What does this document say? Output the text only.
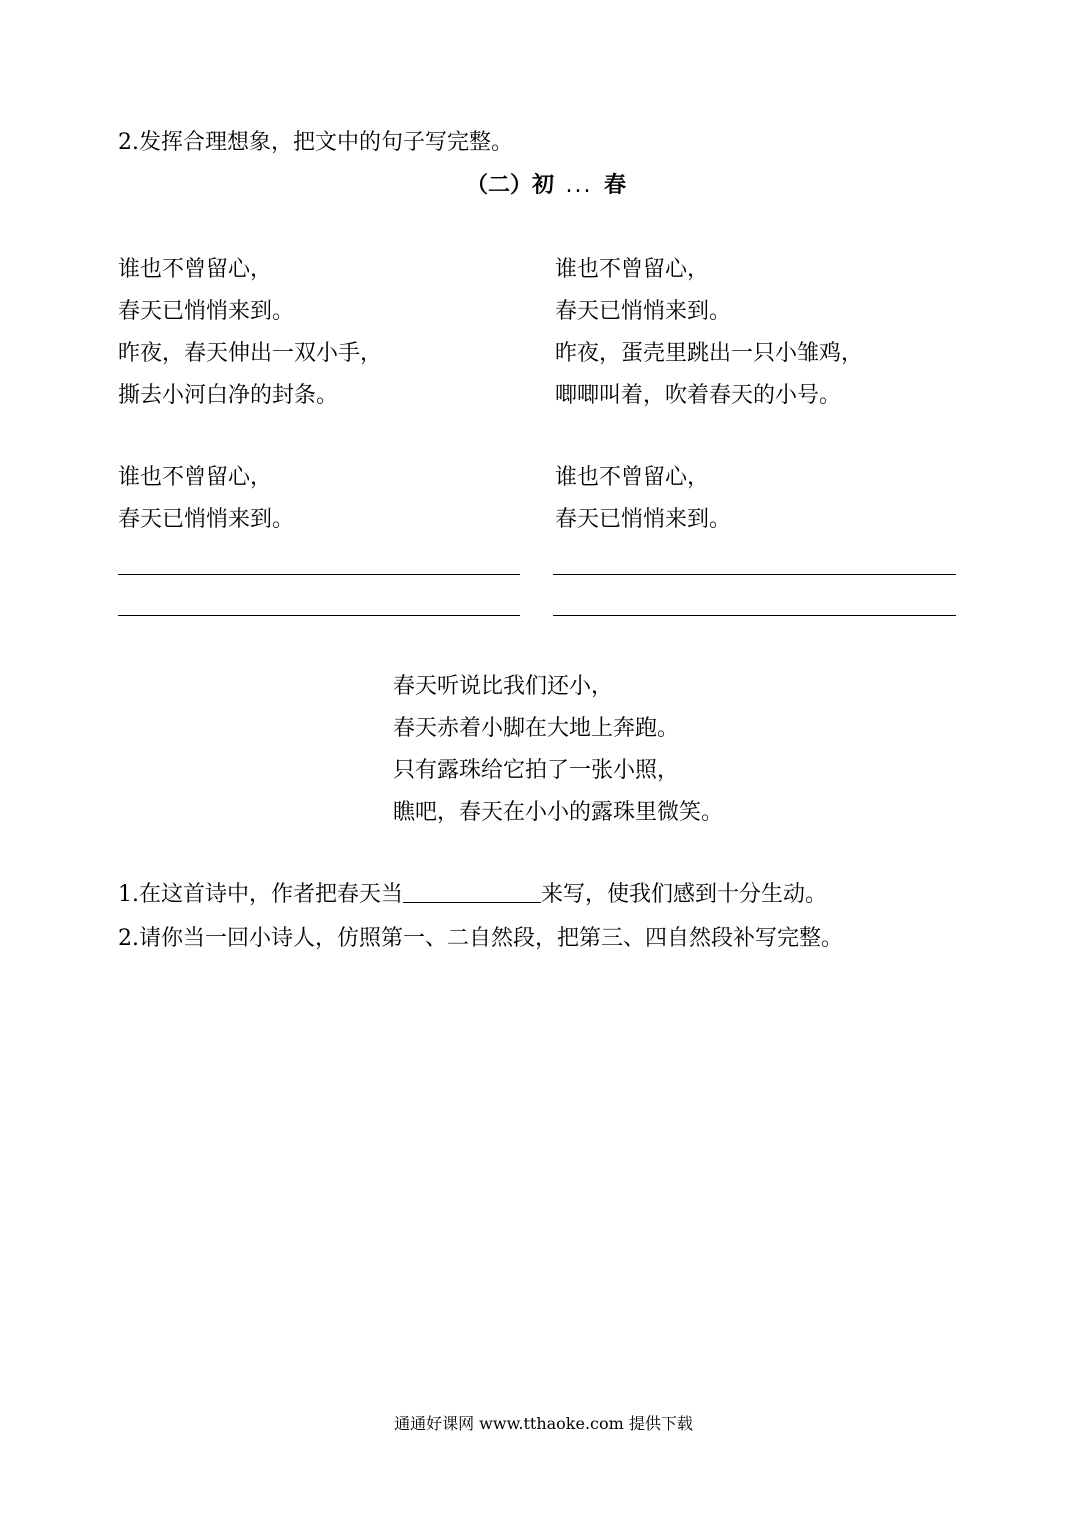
2.发挥合理想象，把文中的句子写完整。
（二）初 ... 春
谁也不曾留心，
春天已悄悄来到。
昨夜，春天伸出一双小手，
撕去小河白净的封条。
谁也不曾留心，
春天已悄悄来到。
昨夜，蛋壳里跳出一只小雏鸡，
唧唧叫着，吹着春天的小号。
谁也不曾留心，
春天已悄悄来到。
谁也不曾留心，
春天已悄悄来到。
春天听说比我们还小，
春天赤着小脚在大地上奔跑。
只有露珠给它拍了一张小照，
瞧吧，春天在小小的露珠里微笑。
1.在这首诗中，作者把春天当	来写，使我们感到十分生动。
2.请你当一回小诗人，仿照第一、二自然段，把第三、四自然段补写完整。
通通好课网 www.tthaoke.com 提供下载
